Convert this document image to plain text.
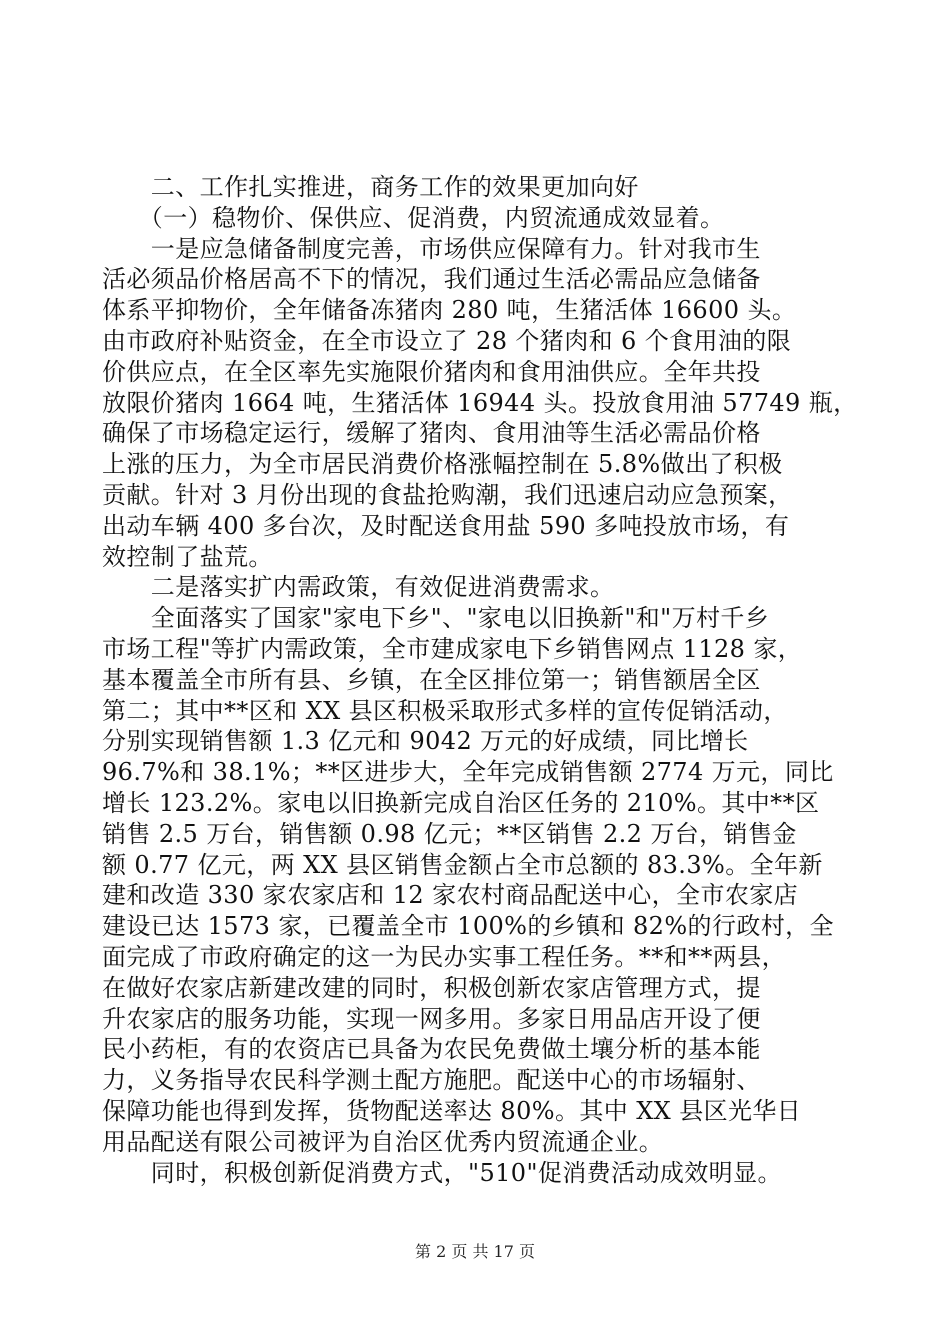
　　二、工作扎实推进，商务工作的效果更加向好
　　（一）稳物价、保供应、促消费，内贸流通成效显着。
　　一是应急储备制度完善，市场供应保障有力。针对我市生
活必须品价格居高不下的情况，我们通过生活必需品应急储备
体系平抑物价，全年储备冻猪肉 280 吨，生猪活体 16600 头。
由市政府补贴资金，在全市设立了 28 个猪肉和 6 个食用油的限
价供应点，在全区率先实施限价猪肉和食用油供应。全年共投
放限价猪肉 1664 吨，生猪活体 16944 头。投放食用油 57749 瓶，
确保了市场稳定运行，缓解了猪肉、食用油等生活必需品价格
上涨的压力，为全市居民消费价格涨幅控制在 5.8%做出了积极
贡献。针对 3 月份出现的食盐抢购潮，我们迅速启动应急预案，
出动车辆 400 多台次，及时配送食用盐 590 多吨投放市场，有
效控制了盐荒。
　　二是落实扩内需政策，有效促进消费需求。
　　全面落实了国家"家电下乡"、"家电以旧换新"和"万村千乡
市场工程"等扩内需政策，全市建成家电下乡销售网点 1128 家，
基本覆盖全市所有县、乡镇，在全区排位第一；销售额居全区
第二；其中**区和 XX 县区积极采取形式多样的宣传促销活动，
分别实现销售额 1.3 亿元和 9042 万元的好成绩，同比增长
96.7%和 38.1%；**区进步大，全年完成销售额 2774 万元，同比
增长 123.2%。家电以旧换新完成自治区任务的 210%。其中**区
销售 2.5 万台，销售额 0.98 亿元；**区销售 2.2 万台，销售金
额 0.77 亿元，两 XX 县区销售金额占全市总额的 83.3%。全年新
建和改造 330 家农家店和 12 家农村商品配送中心，全市农家店
建设已达 1573 家，已覆盖全市 100%的乡镇和 82%的行政村，全
面完成了市政府确定的这一为民办实事工程任务。**和**两县，
在做好农家店新建改建的同时，积极创新农家店管理方式，提
升农家店的服务功能，实现一网多用。多家日用品店开设了便
民小药柜，有的农资店已具备为农民免费做土壤分析的基本能
力，义务指导农民科学测土配方施肥。配送中心的市场辐射、
保障功能也得到发挥，货物配送率达 80%。其中 XX 县区光华日
用品配送有限公司被评为自治区优秀内贸流通企业。
　　同时，积极创新促消费方式，"510"促消费活动成效明显。
第 2 页 共 17 页
